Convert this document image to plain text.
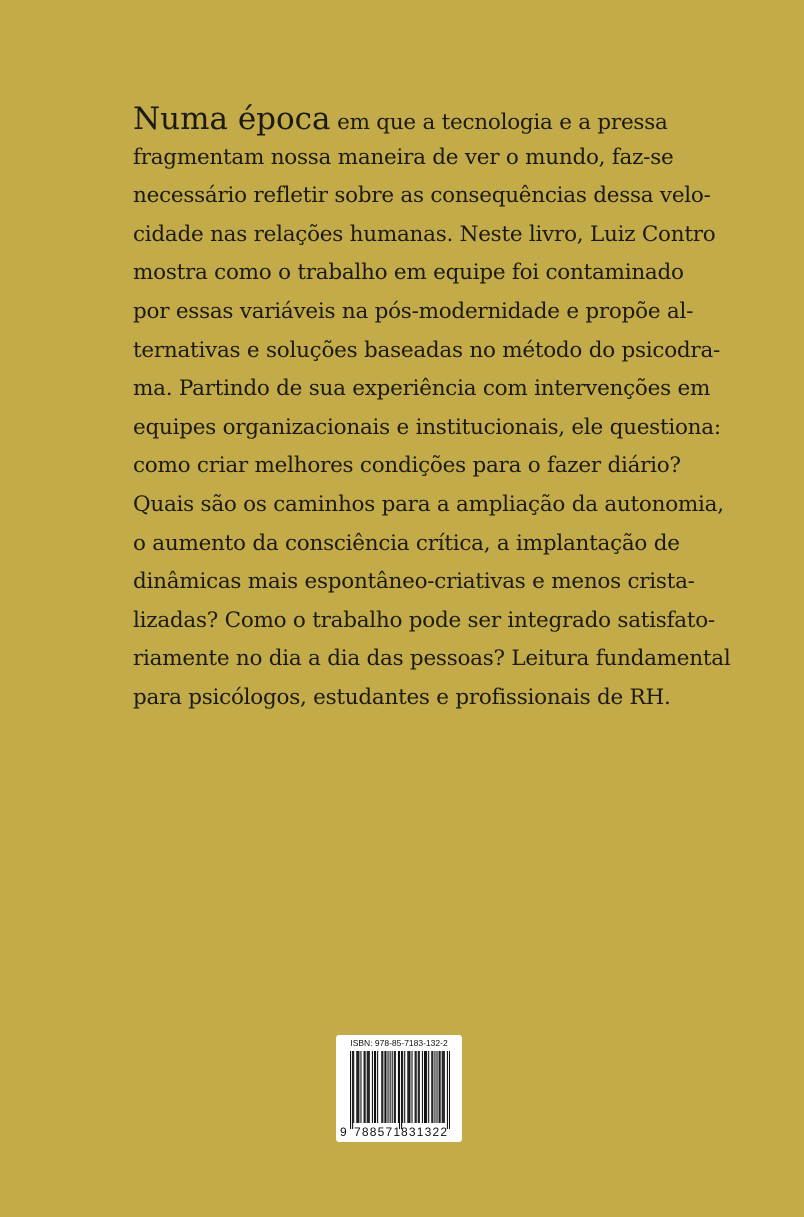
Numa época em que a tecnologia e a pressa
fragmentam nossa maneira de ver o mundo, faz-se
necessário refletir sobre as consequências dessa velo-
cidade nas relações humanas. Neste livro, Luiz Contro
mostra como o trabalho em equipe foi contaminado
por essas variáveis na pós-modernidade e propõe al-
ternativas e soluções baseadas no método do psicodra-
ma. Partindo de sua experiência com intervenções em
equipes organizacionais e institucionais, ele questiona:
como criar melhores condições para o fazer diário?
Quais são os caminhos para a ampliação da autonomia,
o aumento da consciência crítica, a implantação de
dinâmicas mais espontâneo-criativas e menos crista-
lizadas? Como o trabalho pode ser integrado satisfato-
riamente no dia a dia das pessoas? Leitura fundamental
para psicólogos, estudantes e profissionais de RH.
ISBN: 978-85-7183-132-2
9 788571 831322
